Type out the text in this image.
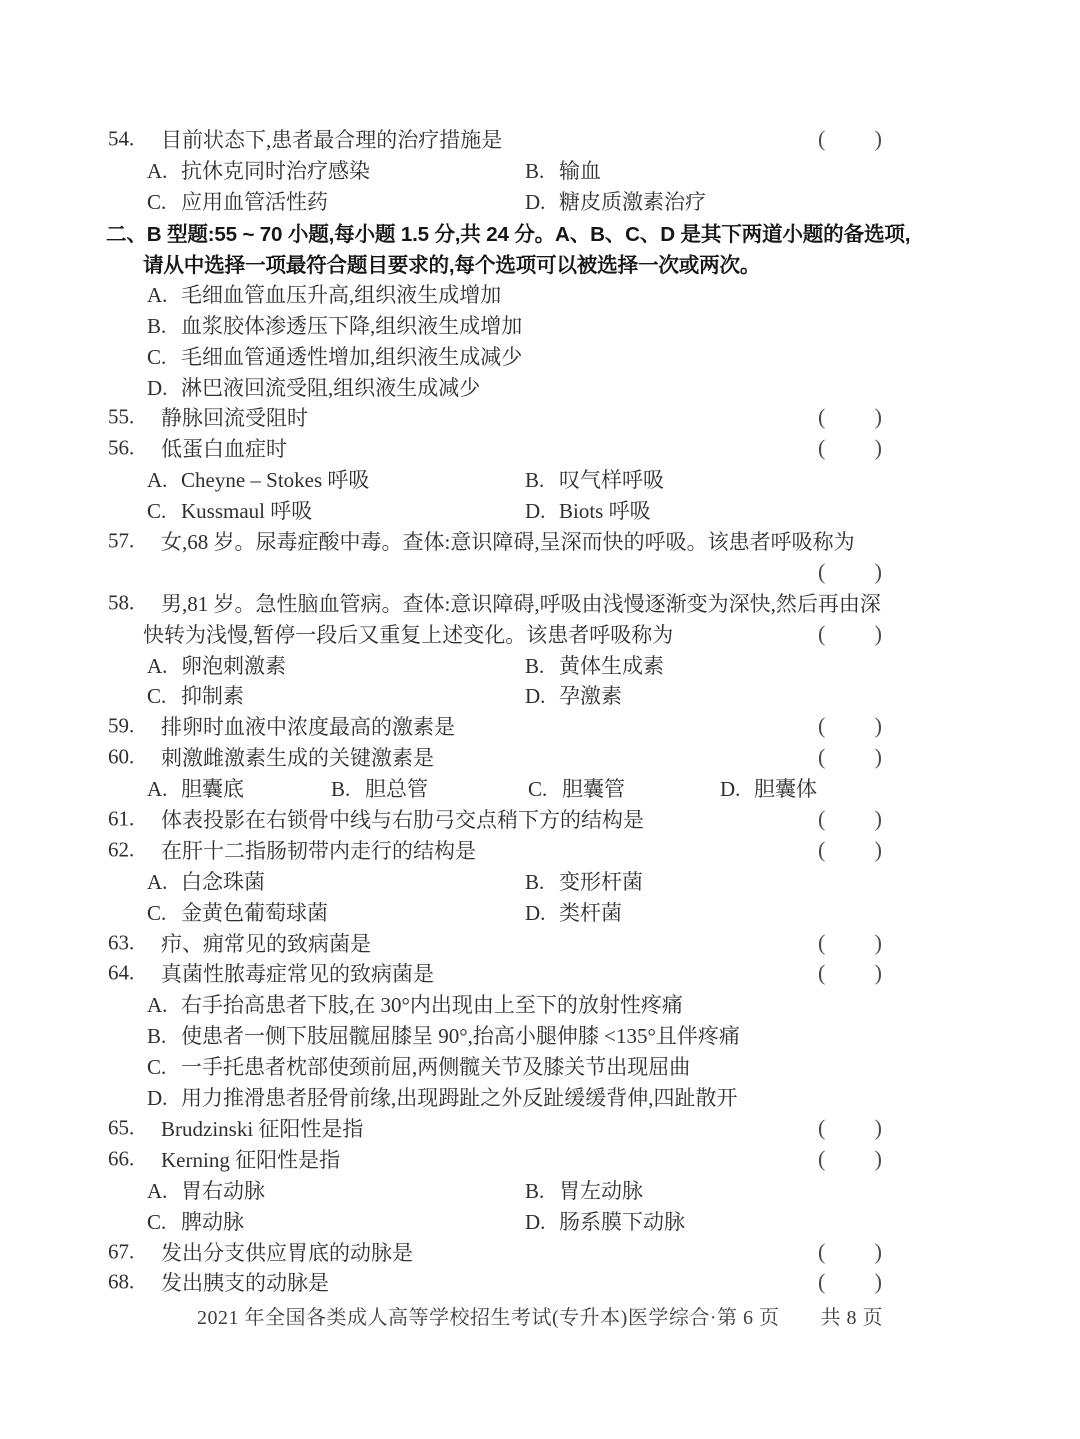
54. 目前状态下,患者最合理的治疗措施是	( )
A. 抗休克同时治疗感染	B. 输血
C. 应用血管活性药	D. 糖皮质激素治疗
二、B 型题:55 ~ 70 小题,每小题 1.5 分,共 24 分。A、B、C、D 是其下两道小题的备选项,
请从中选择一项最符合题目要求的,每个选项可以被选择一次或两次。
A. 毛细血管血压升高,组织液生成增加
B. 血浆胶体渗透压下降,组织液生成增加
C. 毛细血管通透性增加,组织液生成减少
D. 淋巴液回流受阻,组织液生成减少
55. 静脉回流受阻时	( )
56. 低蛋白血症时	( )
A. Cheyne – Stokes 呼吸	B. 叹气样呼吸
C. Kussmaul 呼吸	D. Biots 呼吸
57. 女,68 岁。尿毒症酸中毒。查体:意识障碍,呈深而快的呼吸。该患者呼吸称为
( )
58. 男,81 岁。急性脑血管病。查体:意识障碍,呼吸由浅慢逐渐变为深快,然后再由深
快转为浅慢,暂停一段后又重复上述变化。该患者呼吸称为	( )
A. 卵泡刺激素	B. 黄体生成素
C. 抑制素	D. 孕激素
59. 排卵时血液中浓度最高的激素是	( )
60. 刺激雌激素生成的关键激素是	( )
A. 胆囊底	B. 胆总管	C. 胆囊管	D. 胆囊体
61. 体表投影在右锁骨中线与右肋弓交点稍下方的结构是	( )
62. 在肝十二指肠韧带内走行的结构是	( )
A. 白念珠菌	B. 变形杆菌
C. 金黄色葡萄球菌	D. 类杆菌
63. 疖、痈常见的致病菌是	( )
64. 真菌性脓毒症常见的致病菌是	( )
A. 右手抬高患者下肢,在 30°内出现由上至下的放射性疼痛
B. 使患者一侧下肢屈髋屈膝呈 90°,抬高小腿伸膝 <135°且伴疼痛
C. 一手托患者枕部使颈前屈,两侧髋关节及膝关节出现屈曲
D. 用力推滑患者胫骨前缘,出现𧿹趾之外反趾缓缓背伸,四趾散开
65. Brudzinski 征阳性是指	( )
66. Kerning 征阳性是指	( )
A. 胃右动脉	B. 胃左动脉
C. 脾动脉	D. 肠系膜下动脉
67. 发出分支供应胃底的动脉是	( )
68. 发出胰支的动脉是	( )
2021 年全国各类成人高等学校招生考试(专升本)医学综合·第 6 页　　共 8 页
